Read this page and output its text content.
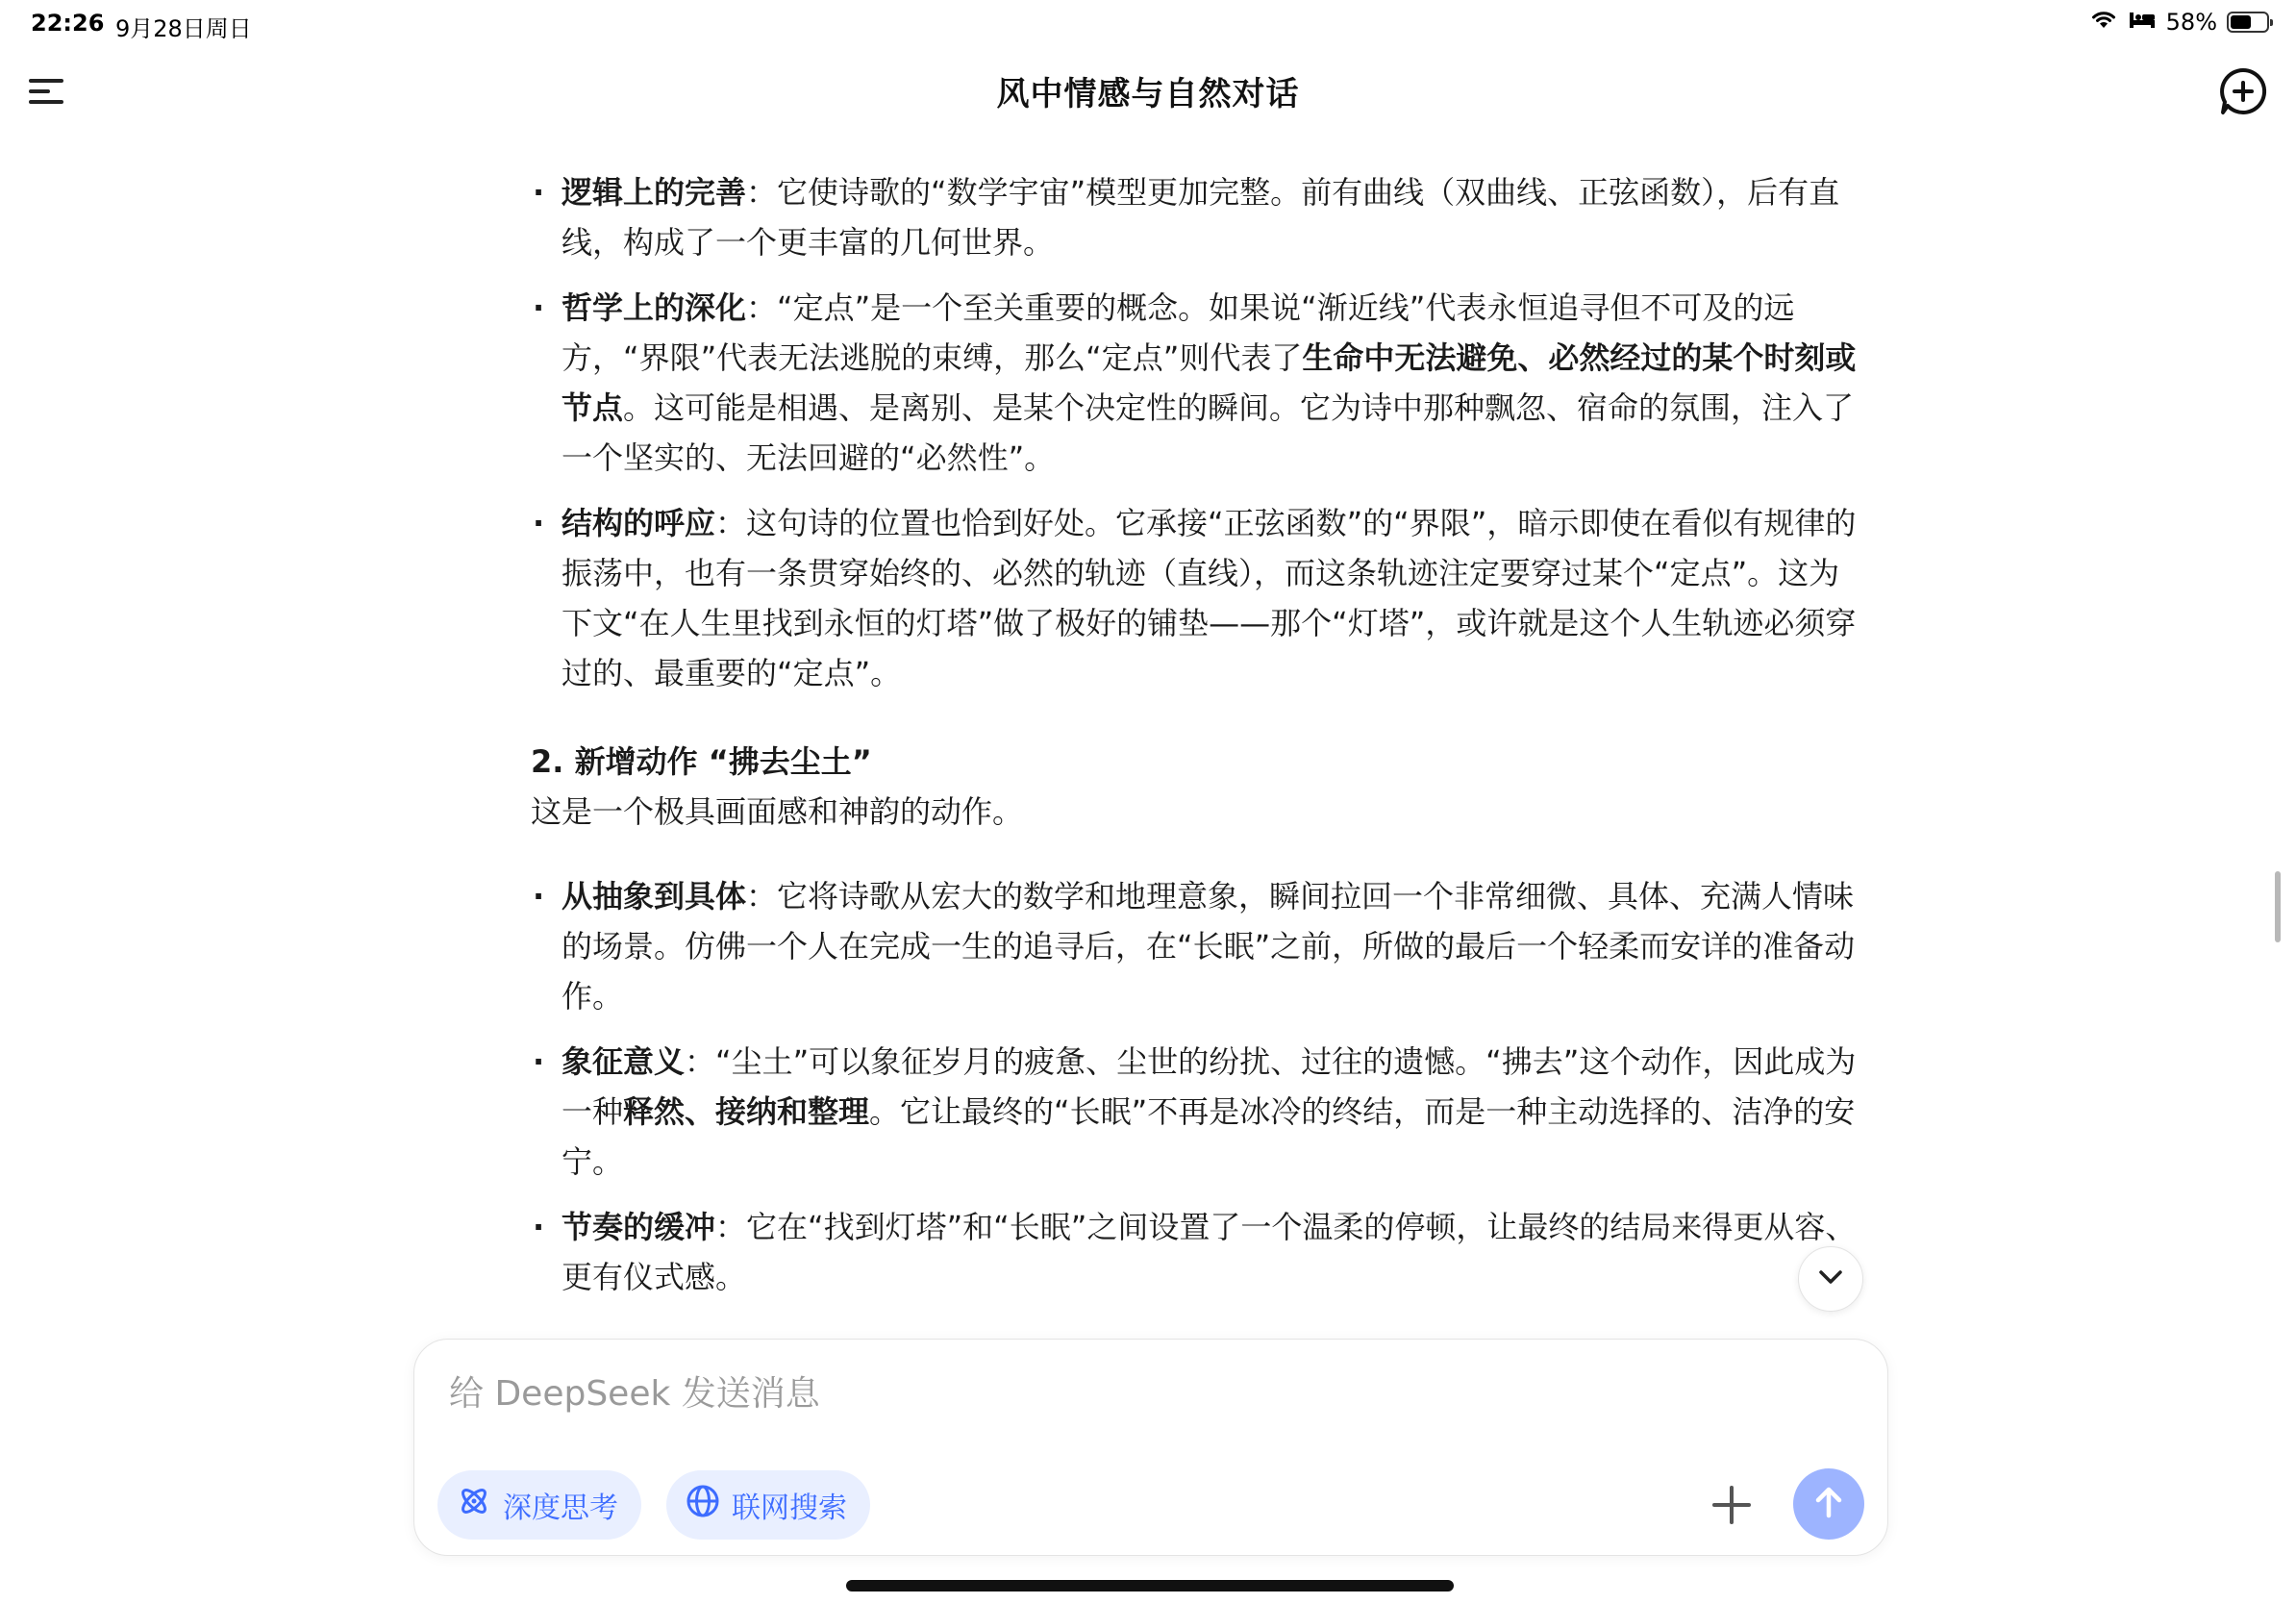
22:26 9月28日周日	58%
风中情感与自然对话
· 逻辑上的完善：它使诗歌的“数学宇宙”模型更加完整。前有曲线（双曲线、正弦函数），后有直线，构成了一个更丰富的几何世界。
· 哲学上的深化：“定点”是一个至关重要的概念。如果说“渐近线”代表永恒追寻但不可及的远方，“界限”代表无法逃脱的束缚，那么“定点”则代表了生命中无法避免、必然经过的某个时刻或节点。这可能是相遇、是离别、是某个决定性的瞬间。它为诗中那种飘忽、宿命的氛围，注入了一个坚实的、无法回避的“必然性”。
· 结构的呼应：这句诗的位置也恰到好处。它承接“正弦函数”的“界限”，暗示即使在看似有规律的振荡中，也有一条贯穿始终的、必然的轨迹（直线），而这条轨迹注定要穿过某个“定点”。这为下文“在人生里找到永恒的灯塔”做了极好的铺垫——那个“灯塔”，或许就是这个人生轨迹必须穿过的、最重要的“定点”。
2. 新增动作 “拂去尘土”
这是一个极具画面感和神韵的动作。
· 从抽象到具体：它将诗歌从宏大的数学和地理意象，瞬间拉回一个非常细微、具体、充满人情味的场景。仿佛一个人在完成一生的追寻后，在“长眠”之前，所做的最后一个轻柔而安详的准备动作。
· 象征意义：“尘土”可以象征岁月的疲惫、尘世的纷扰、过往的遗憾。“拂去”这个动作，因此成为一种释然、接纳和整理。它让最终的“长眠”不再是冰冷的终结，而是一种主动选择的、洁净的安宁。
· 节奏的缓冲：它在“找到灯塔”和“长眠”之间设置了一个温柔的停顿，让最终的结局来得更从容、更有仪式感。
给 DeepSeek 发送消息
深度思考	联网搜索
